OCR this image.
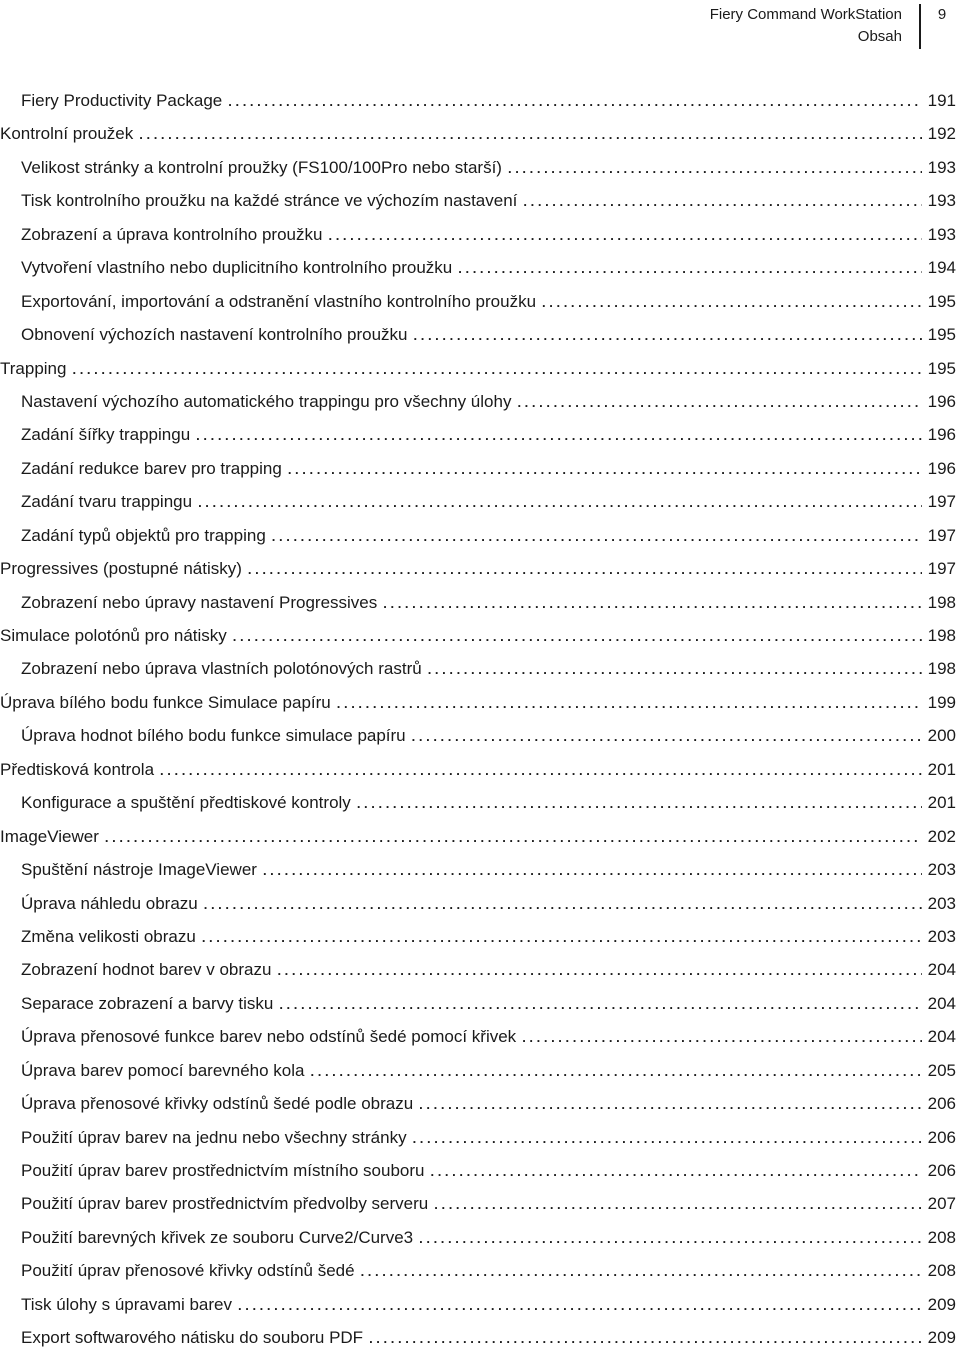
Fiery Command WorkStation
Obsah
9
Fiery Productivity Package . . .	191
Kontrolní proužek . . .	192
Velikost stránky a kontrolní proužky (FS100/100Pro nebo starší) . . .	193
Tisk kontrolního proužku na každé stránce ve výchozím nastavení . . .	193
Zobrazení a úprava kontrolního proužku . . .	193
Vytvoření vlastního nebo duplicitního kontrolního proužku . . .	194
Exportování, importování a odstranění vlastního kontrolního proužku . . .	195
Obnovení výchozích nastavení kontrolního proužku . . .	195
Trapping . . .	195
Nastavení výchozího automatického trappingu pro všechny úlohy . . .	196
Zadání šířky trappingu . . .	196
Zadání redukce barev pro trapping . . .	196
Zadání tvaru trappingu . . .	197
Zadání typů objektů pro trapping . . .	197
Progressives (postupné nátisky) . . .	197
Zobrazení nebo úpravy nastavení Progressives . . .	198
Simulace polotónů pro nátisky . . .	198
Zobrazení nebo úprava vlastních polotónových rastrů . . .	198
Úprava bílého bodu funkce Simulace papíru . . .	199
Úprava hodnot bílého bodu funkce simulace papíru . . .	200
Předtisková kontrola . . .	201
Konfigurace a spuštění předtiskové kontroly . . .	201
ImageViewer . . .	202
Spuštění nástroje ImageViewer . . .	203
Úprava náhledu obrazu . . .	203
Změna velikosti obrazu . . .	203
Zobrazení hodnot barev v obrazu . . .	204
Separace zobrazení a barvy tisku . . .	204
Úprava přenosové funkce barev nebo odstínů šedé pomocí křivek . . .	204
Úprava barev pomocí barevného kola . . .	205
Úprava přenosové křivky odstínů šedé podle obrazu . . .	206
Použití úprav barev na jednu nebo všechny stránky . . .	206
Použití úprav barev prostřednictvím místního souboru . . .	206
Použití úprav barev prostřednictvím předvolby serveru . . .	207
Použití barevných křivek ze souboru Curve2/Curve3 . . .	208
Použití úprav přenosové křivky odstínů šedé . . .	208
Tisk úlohy s úpravami barev . . .	209
Export softwarového nátisku do souboru PDF . . .	209
